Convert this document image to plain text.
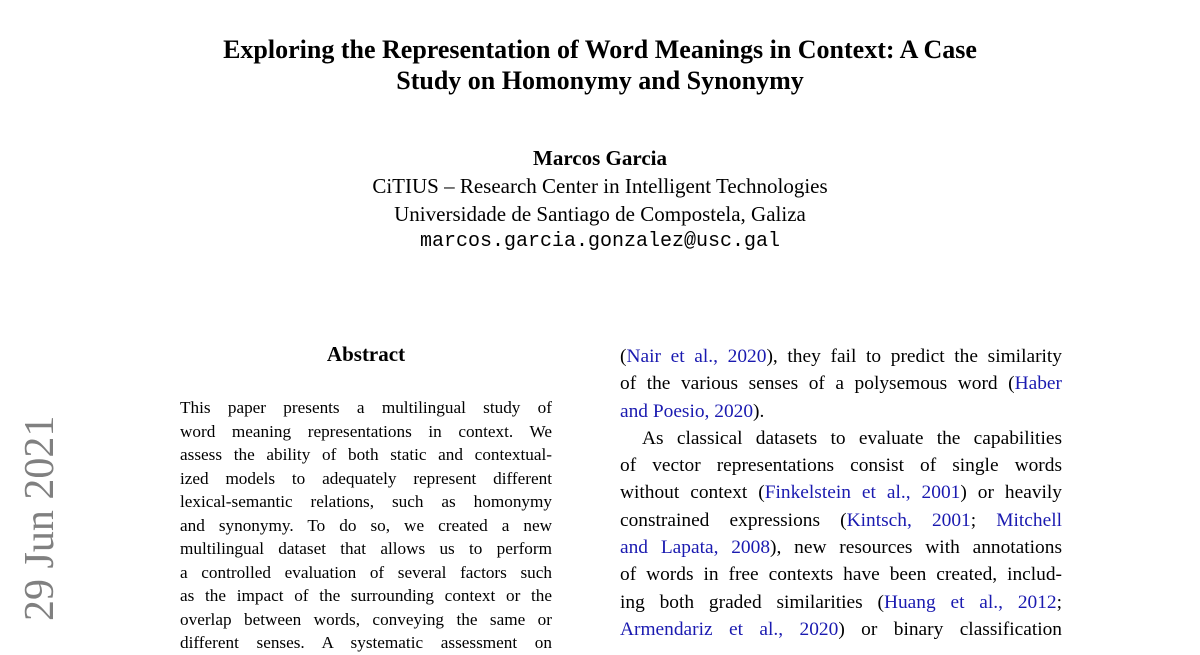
Exploring the Representation of Word Meanings in Context: A Case
Study on Homonymy and Synonymy
Marcos Garcia
CiTIUS – Research Center in Intelligent Technologies
Universidade de Santiago de Compostela, Galiza
marcos.garcia.gonzalez@usc.gal
29 Jun 2021
Abstract
This paper presents a multilingual study of
word meaning representations in context. We
assess the ability of both static and contextual-
ized models to adequately represent different
lexical-semantic relations, such as homonymy
and synonymy. To do so, we created a new
multilingual dataset that allows us to perform
a controlled evaluation of several factors such
as the impact of the surrounding context or the
overlap between words, conveying the same or
different senses. A systematic assessment on
(Nair et al., 2020), they fail to predict the similarity
of the various senses of a polysemous word (Haber
and Poesio, 2020).
As classical datasets to evaluate the capabilities
of vector representations consist of single words
without context (Finkelstein et al., 2001) or heavily
constrained expressions (Kintsch, 2001; Mitchell
and Lapata, 2008), new resources with annotations
of words in free contexts have been created, includ-
ing both graded similarities (Huang et al., 2012;
Armendariz et al., 2020) or binary classification
